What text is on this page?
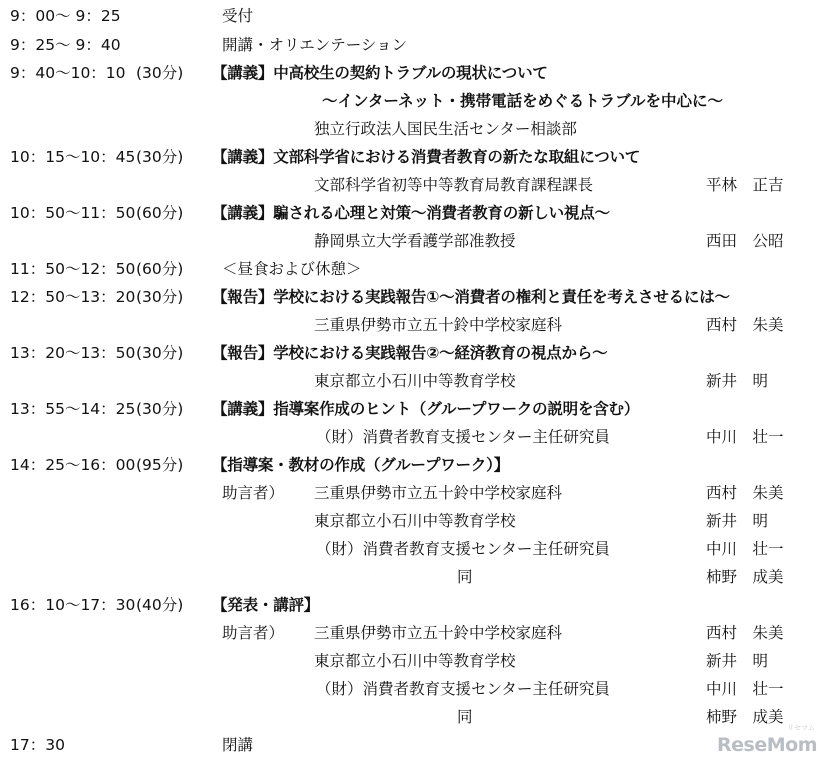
9：00～ 9：25	受付
9：25～ 9：40	開講・オリエンテーション
9：40～10：10 (30分) 【講義】中高校生の契約トラブルの現状について
～インターネット・携帯電話をめぐるトラブルを中心に～
独立行政法人国民生活センター相談部
10：15～10：45 (30分) 【講義】文部科学省における消費者教育の新たな取組について
文部科学省初等中等教育局教育課程課長	平林　正吉
10：50～11：50 (60分) 【講義】騙される心理と対策～消費者教育の新しい視点～
静岡県立大学看護学部准教授	西田　公昭
11：50～12：50 (60分) ＜昼食および休憩＞
12：50～13：20 (30分) 【報告】学校における実践報告①～消費者の権利と責任を考えさせるには～
三重県伊勢市立五十鈴中学校家庭科	西村　朱美
13：20～13：50 (30分) 【報告】学校における実践報告②～経済教育の視点から～
東京都立小石川中等教育学校	新井　明
13：55～14：25 (30分) 【講義】指導案作成のヒント（グループワークの説明を含む）
（財）消費者教育支援センター主任研究員	中川　壮一
14：25～16：00 (95分) 【指導案・教材の作成（グループワーク）】
助言者） 三重県伊勢市立五十鈴中学校家庭科	西村　朱美
東京都立小石川中等教育学校	新井　明
（財）消費者教育支援センター主任研究員	中川　壮一
同	柿野　成美
16：10～17：30 (40分) 【発表・講評】
助言者） 三重県伊勢市立五十鈴中学校家庭科	西村　朱美
東京都立小石川中等教育学校	新井　明
（財）消費者教育支援センター主任研究員	中川　壮一
同	柿野　成美
17：30	閉講
リセマム
ReseMom
